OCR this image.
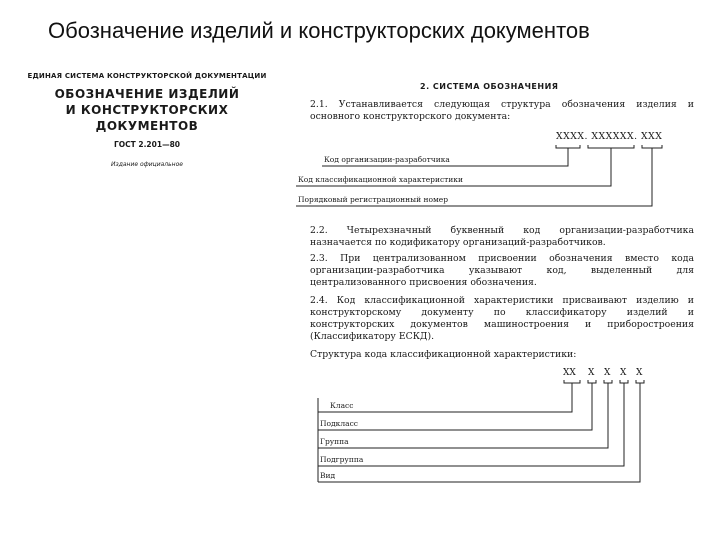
Обозначение изделий и конструкторских документов
ЕДИНАЯ СИСТЕМА КОНСТРУКТОРСКОЙ ДОКУМЕНТАЦИИ
ОБОЗНАЧЕНИЕ ИЗДЕЛИЙ
И КОНСТРУКТОРСКИХ ДОКУМЕНТОВ
ГОСТ 2.201—80
Издание официальное
2. СИСТЕМА ОБОЗНАЧЕНИЯ
2.1. Устанавливается следующая структура обозначения изделия и основного конструкторского документа:
XXXX. XXXXXX. XXX
Код организации-разработчика
Код классификационной характеристики
Порядковый регистрационный номер
2.2. Четырехзначный буквенный код организации-разработчика назначается по кодификатору организаций-разработчиков.
2.3. При централизованном присвоении обозначения вместо кода организации-разработчика указывают код, выделенный для централизованного присвоения обозначения.
2.4. Код классификационной характеристики присваивают изделию и конструкторскому документу по классификатору изделий и конструкторских документов машиностроения и приборостроения (Классификатору ЕСКД).
Структура кода классификационной характеристики:
XX X X X X
Класс
Подкласс
Группа
Подгруппа
Вид
